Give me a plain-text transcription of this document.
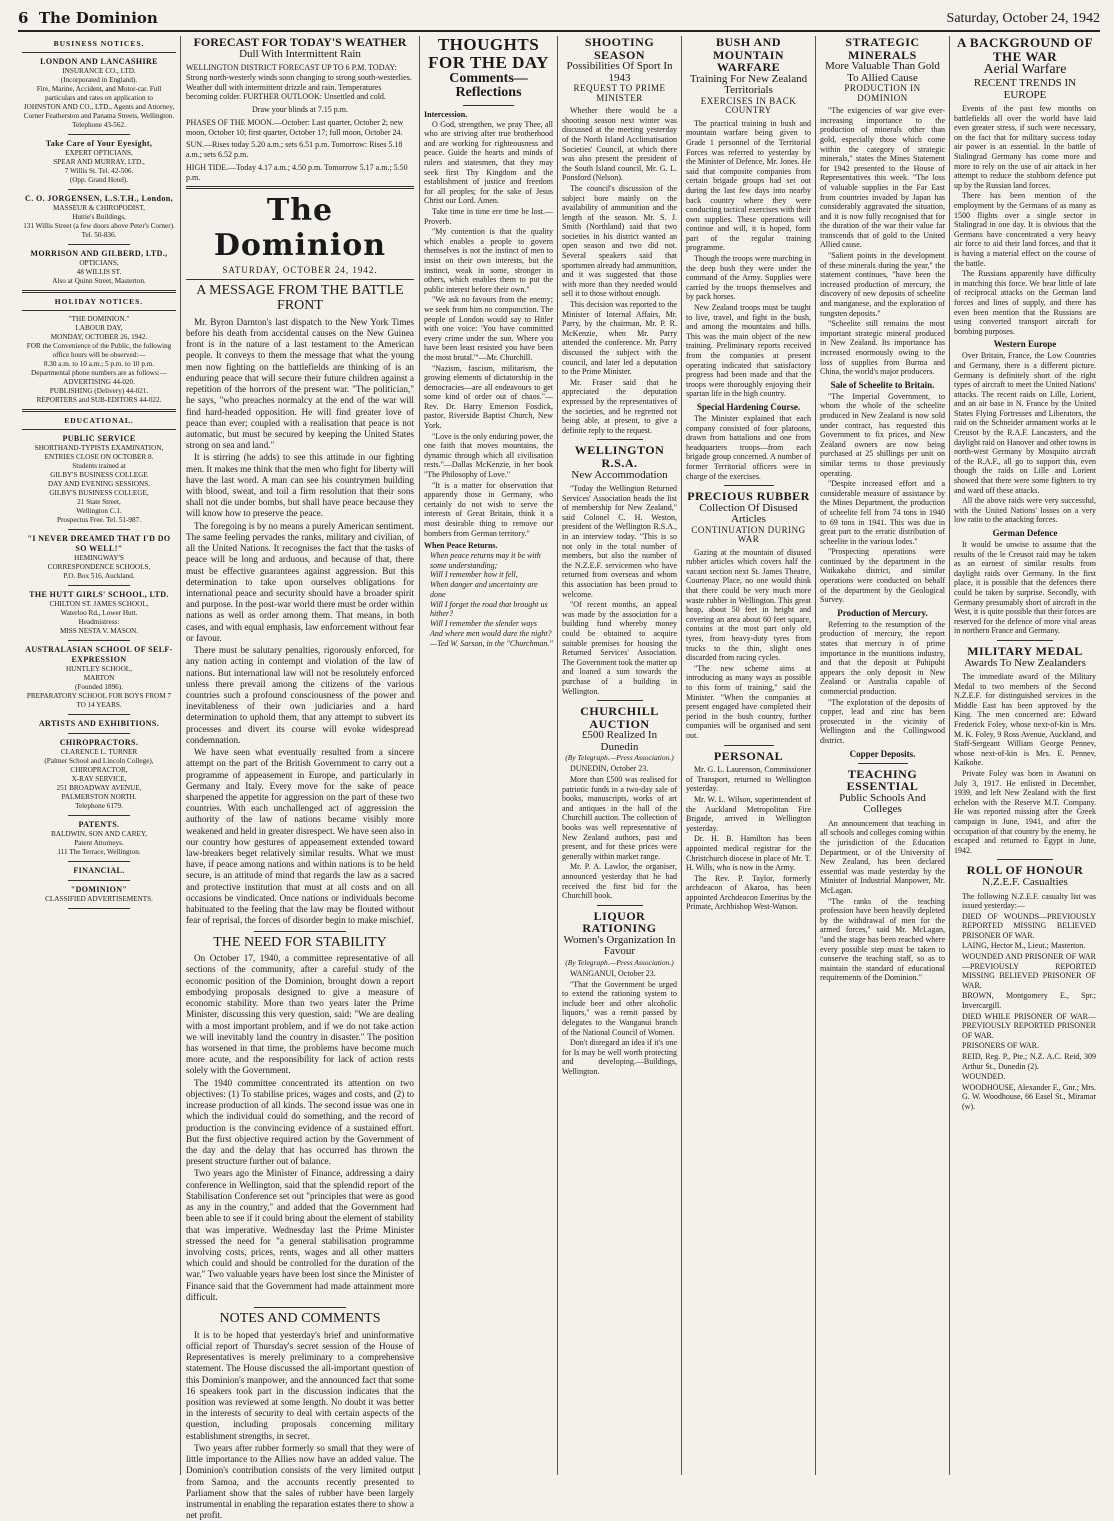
6 The Dominion	Saturday, October 24, 1942
BUSINESS NOTICES.
LONDON AND LANCASHIRE
INSURANCE CO., LTD.
(Incorporated in England).
Fire, Marine, Accident, and Motor-car. Full particulars and rates on application to
JOHNSTON AND CO., LTD., Agents and Attorney,
Corner Featherston and Panama Streets, Wellington. Telephone 43-562.
Take Care of Your Eyesight,
EXPERT OPTICIANS,
SPEAR AND MURRAY, LTD.,
7 Willis St. Tel. 42-506.
(Opp. Grand Hotel).
C. O. JORGENSEN, L.S.T.H., London,
MASSEUR & CHIROPODIST,
Huttie's Buildings,
131 Willis Street (a few doors above Peter's Corner). Tel. 50-836.
MORRISON AND GILBERD, LTD.,
OPTICIANS,
48 WILLIS ST.
Also at Quinn Street, Masterton.
HOLIDAY NOTICES.
"THE DOMINION."
LABOUR DAY,
MONDAY, OCTOBER 26, 1942.
FOR the Convenience of the Public, the following office hours will be observed:—
8.30 a.m. to 10 a.m.; 5 p.m. to 10 p.m.
Departmental phone numbers are as follows:—
ADVERTISING 44-020.
PUBLISHING (Delivery) 44-021.
REPORTERS and SUB-EDITORS 44-022.
EDUCATIONAL.
PUBLIC SERVICE
SHORTHAND-TYPISTS EXAMINATION,
ENTRIES CLOSE ON OCTOBER 8.
Students trained at
GILBY'S BUSINESS COLLEGE
DAY AND EVENING SESSIONS.
GILBY'S BUSINESS COLLEGE,
21 State Street,
Wellington C.1.
Prospectus Free. Tel. 51-987.
"I NEVER DREAMED THAT I'D DO SO WELL!"
HEMINGWAY'S
CORRESPONDENCE SCHOOLS,
P.O. Box 516, Auckland.
THE HUTT GIRLS' SCHOOL, LTD.
CHILTON ST. JAMES SCHOOL,
Waterloo Rd., Lower Hutt.
Headmistress:
MISS NESTA V. MASON.
AUSTRALASIAN SCHOOL OF SELF-EXPRESSION
HUNTLEY SCHOOL,
MARTON
(Founded 1896).
PREPARATORY SCHOOL FOR BOYS FROM 7 TO 14 YEARS.
ARTISTS AND EXHIBITIONS.
CHIROPRACTORS.
CLARENCE L. TURNER
(Palmer School and Lincoln College),
CHIROPRACTOR,
X-RAY SERVICE,
251 BROADWAY AVENUE,
PALMERSTON NORTH.
Telephone 6179.
PATENTS.
BALDWIN, SON AND CAREY,
Patent Attorneys.
111 The Terrace, Wellington.
FINANCIAL.
"DOMINION"
CLASSIFIED ADVERTISEMENTS.
FORECAST FOR TODAY'S WEATHER
Dull With Intermittent Rain

WELLINGTON DISTRICT FORECAST UP TO 6 P.M. TODAY: Strong north-westerly winds soon changing to strong south-westerlies. Weather dull with intermittent drizzle and rain. Temperatures becoming colder. FURTHER OUTLOOK: Unsettled and cold.

Draw your blinds at 7.15 p.m.

PHASES OF THE MOON.—October: Last quarter, October 2; new moon, October 10; first quarter, October 17; full moon, October 24.

SUN.—Rises today 5.20 a.m.; sets 6.51 p.m. Tomorrow: Rises 5.18 a.m.; sets 6.52 p.m.

HIGH TIDE.—Today 4.17 a.m.; 4.50 p.m. Tomorrow 5.17 a.m.; 5.50 p.m.

The Dominion
SATURDAY, OCTOBER 24, 1942.
A MESSAGE FROM THE BATTLE FRONT

Mr. Byron Darnton's last dispatch to the New York Times before his death from accidental causes on the New Guinea front is in the nature of a last testament to the American people. It conveys to them the message that what the young men now fighting on the battlefields are thinking of is an enduring peace that will secure their future children against a repetition of the horrors of the present war. "The politician," he says, "who preaches normalcy at the end of the war will find hard-headed opposition. He will find greater love of peace than ever; coupled with a realisation that peace is not automatic, but must be secured by keeping the United States strong on sea and land."

It is stirring (he adds) to see this attitude in our fighting men. It makes me think that the men who fight for liberty will have the last word. A man can see his countrymen building with blood, sweat, and toil a firm resolution that their sons shall not die under bombs, but shall have peace because they will know how to preserve the peace.

The foregoing is by no means a purely American sentiment. The same feeling pervades the ranks, military and civilian, of all the United Nations. It recognises the fact that the tasks of peace will be long and arduous, and because of that, there must be effective guarantees against aggression. But this determination to take upon ourselves obligations for international peace and security should have a broader spirit and purpose. In the post-war world there must be order within nations as well as order among them. That means, in both cases, and with equal emphasis, law enforcement without fear or favour.

There must be salutary penalties, rigorously enforced, for any nation acting in contempt and violation of the law of nations. But international law will not be resolutely enforced unless there prevail among the citizens of the various countries such a profound consciousness of the power and inevitableness of their own judiciaries and a hard determination to uphold them, that any attempt to subvert its processes and divert its course will evoke widespread condemnation.

We have seen what eventually resulted from a sincere attempt on the part of the British Government to carry out a programme of appeasement in Europe, and particularly in Germany and Italy. Every move for the sake of peace sharpened the appetite for aggression on the part of these two countries. With each unchallenged act of aggression the authority of the law of nations became visibly more weakened and held in greater disrespect. We have seen also in our country how gestures of appeasement extended toward law-breakers beget relatively similar results. What we must have, if peace among nations and within nations is to be held secure, is an attitude of mind that regards the law as a sacred and protective institution that must at all costs and on all occasions be vindicated. Once nations or individuals become habituated to the feeling that the law may be flouted without fear of reprisal, the forces of disorder begin to make mischief.

THE NEED FOR STABILITY

On October 17, 1940, a committee representative of all sections of the community, after a careful study of the economic position of the Dominion, brought down a report embodying proposals designed to give a measure of economic stability. More than two years later the Prime Minister, discussing this very question, said: "We are dealing with a most important problem, and if we do not take action we will inevitably land the country in disaster." The position has worsened in that time, the problems have become much more acute, and the responsibility for lack of action rests solely with the Government.

The 1940 committee concentrated its attention on two objectives: (1) To stabilise prices, wages and costs, and (2) to increase production of all kinds. The second issue was one in which the individual could do something, and the record of production is the convincing evidence of a sustained effort. But the first objective required action by the Government of the day and the delay that has occurred has thrown the present structure further out of balance.

Two years ago the Minister of Finance, addressing a dairy conference in Wellington, said that the splendid report of the Stabilisation Conference set out "principles that were as good as any in the country," and added that the Government had been able to see if it could bring about the element of stability that was imperative. Wednesday last the Prime Minister stressed the need for "a general stabilisation programme involving costs, prices, rents, wages and all other matters which could and should be controlled for the duration of the war." Two valuable years have been lost since the Minister of Finance said that the Government had made attainment more difficult.

NOTES AND COMMENTS

It is to be hoped that yesterday's brief and uninformative official report of Thursday's secret session of the House of Representatives is merely preliminary to a comprehensive statement. The House discussed the all-important question of this Dominion's manpower, and the announced fact that some 16 speakers took part in the discussion indicates that the position was reviewed at some length. No doubt it was better in the interests of security to deal with certain aspects of the question, including proposals concerning military establishment strengths, in secret.

Two years after rubber formerly so small that they were of little importance to the Allies now have an added value. The Dominion's contribution consists of the very limited output from Samoa, and the accounts recently presented to Parliament show that the sales of rubber have been largely instrumental in enabling the reparation estates there to show a net profit.

THOUGHTS FOR THE DAY
Comments—Reflections
Intercession.

O God, strengthen, we pray Thee, all who are striving after true brotherhood and are working for righteousness and peace. Guide the hearts and minds of rulers and statesmen, that they may seek first Thy Kingdom and the establishment of justice and freedom for all peoples; for the sake of Jesus Christ our Lord. Amen.

Take time in time ere time be lost.—Proverb.

"My contention is that the quality which enables a people to govern themselves is not the instinct of men to insist on their own interests, but the instinct, weak in some, stronger in others, which enables them to put the public interest before their own."

"We ask no favours from the enemy; we seek from him no compunction. The people of London would say to Hitler with one voice: 'You have committed every crime under the sun. Where you have been least resisted you have been the most brutal.'"—Mr. Churchill.

"Nazism, fascism, militarism, the growing elements of dictatorship in the democracies—are all endeavours to get some kind of order out of chaos."—Rev. Dr. Harry Emerson Fosdick, pastor, Riverside Baptist Church, New York.

"Love is the only enduring power, the one faith that moves mountains, the dynamic through which all civilisation rests."—Dallas McKenzie, in her book "The Philosophy of Love."

"It is a matter for observation that apparently those in Germany, who certainly do not wish to serve the interests of Great Britain, think it a most desirable thing to remove our bombers from German territory."

When Peace Returns.
When peace returns may it be with some understanding;
Will I remember how it fell,
When danger and uncertainty are done
Will I forget the road that brought us hither?
Will I remember the slender ways
And where men would dare the night?
—Ted W. Sarson, in the "Churchman."
SHOOTING SEASON
Possibilities Of Sport In 1943
REQUEST TO PRIME MINISTER

Whether there would be a shooting season next winter was discussed at the meeting yesterday of the North Island Acclimatisation Societies' Council, at which there was also present the president of the South Island council, Mr. G. L. Ponsford (Nelson).

The council's discussion of the subject bore mainly on the availability of ammunition and the length of the season. Mr. S. J. Smith (Northland) said that two societies in his district wanted an open season and two did not. Several speakers said that sportsmen already had ammunition, and it was suggested that those with more than they needed would sell it to those without enough.

This decision was reported to the Minister of Internal Affairs, Mr. Parry, by the chairman, Mr. P. R. McKenzie, when Mr. Parry attended the conference. Mr. Parry discussed the subject with the council, and later led a deputation to the Prime Minister.

Mr. Fraser said that he appreciated the deputation expressed by the representatives of the societies, and he regretted not being able, at present, to give a definite reply to the request.

WELLINGTON R.S.A.
New Accommodation

"Today the Wellington Returned Services' Association heads the list of membership for New Zealand," said Colonel C. H. Weston, president of the Wellington R.S.A., in an interview today. "This is so not only in the total number of members, but also the number of the N.Z.E.F. servicemen who have returned from overseas and whom this association has been proud to welcome.

"Of recent months, an appeal was made by the association for a building fund whereby money could be obtained to acquire suitable premises for housing the Returned Services' Association. The Government took the matter up and loaned a sum towards the purchase of a building in Wellington.

CHURCHILL AUCTION
£500 Realized In Dunedin
(By Telegraph.—Press Association.)

DUNEDIN, October 23.

More than £500 was realised for patriotic funds in a two-day sale of books, manuscripts, works of art and antiques in the hall of the Churchill auction. The collection of books was well representative of New Zealand authors, past and present, and for these prices were generally within market range.

Mr. P. A. Lawlor, the organiser, announced yesterday that he had received the first bid for the Churchill book.

LIQUOR RATIONING
Women's Organization In Favour
(By Telegraph.—Press Association.)

WANGANUI, October 23.

"That the Government be urged to extend the rationing system to include beer and other alcoholic liquors," was a remit passed by delegates to the Wanganui branch of the National Council of Women.

Don't disregard an idea if it's one for Is may be well worth protecting and developing.—Buildings, Wellington.

BUSH AND MOUNTAIN WARFARE
Training For New Zealand Territorials
EXERCISES IN BACK COUNTRY

The practical training in bush and mountain warfare being given to Grade 1 personnel of the Territorial Forces was referred to yesterday by the Minister of Defence, Mr. Jones. He said that composite companies from certain brigade groups had set out during the last few days into nearby back country where they were conducting tactical exercises with their own supplies. These operations will continue and will, it is hoped, form part of the regular training programme.

Though the troops were marching in the deep bush they were under the command of the Army. Supplies were carried by the troops themselves and by pack horses.

New Zealand troops must be taught to live, travel, and fight in the bush, and among the mountains and hills. This was the main object of the new training. Preliminary reports received from the companies at present operating indicated that satisfactory progress had been made and that the troops were thoroughly enjoying their spartan life in the high country.

Special Hardening Course.

The Minister explained that each company consisted of four platoons, drawn from battalions and one from headquarters troops—from each brigade group concerned. A number of former Territorial officers were in charge of the exercises.

PRECIOUS RUBBER
Collection Of Disused Articles
CONTINUATION DURING WAR

Gazing at the mountain of disused rubber articles which covers half the vacant section next St. James Theatre, Courtenay Place, no one would think that there could be very much more waste rubber in Wellington. This great heap, about 50 feet in height and covering an area about 60 feet square, contains at the most part only old tyres, from heavy-duty tyres from trucks to the thin, slight ones discarded from racing cycles.

"The new scheme aims at introducing as many ways as possible to this form of training," said the Minister. "When the companies at present engaged have completed their period in the bush country, further companies will be organised and sent out.

PERSONAL

Mr. G. L. Laurenson, Commissioner of Transport, returned to Wellington yesterday.

Mr. W. L. Wilson, superintendent of the Auckland Metropolitan Fire Brigade, arrived in Wellington yesterday.

Dr. H. B. Hamilton has been appointed medical registrar for the Christchurch diocese in place of Mr. T. H. Wills, who is now in the Army.

The Rev. P. Taylor, formerly archdeacon of Akaroa, has been appointed Archdeacon Emeritus by the Primate, Archbishop West-Watson.

STRATEGIC MINERALS
More Valuable Than Gold To Allied Cause
PRODUCTION IN DOMINION

"The exigencies of war give ever-increasing importance to the production of minerals other than gold, especially those which come within the category of strategic minerals," states the Mines Statement for 1942 presented to the House of Representatives this week. "The loss of valuable supplies in the Far East from countries invaded by Japan has considerably aggravated the situation, and it is now fully recognised that for the duration of the war their value far transcends that of gold to the United Allied cause.

"Salient points in the development of these minerals during the year," the statement continues, "have been the increased production of mercury, the discovery of new deposits of scheelite and manganese, and the exploration of tungsten deposits."

"Scheelite still remains the most important strategic mineral produced in New Zealand. Its importance has increased enormously owing to the loss of supplies from Burma and China, the world's major producers.

Sale of Scheelite to Britain.

"The Imperial Government, to whom the whole of the scheelite produced in New Zealand is now sold under contract, has requested this Government to fix prices, and New Zealand owners are now being purchased at 25 shillings per unit on similar terms to those previously operating.

"Despite increased effort and a considerable measure of assistance by the Mines Department, the production of scheelite fell from 74 tons in 1940 to 69 tons in 1941. This was due in great part to the erratic distribution of scheelite in the various lodes."

"Prospecting operations were continued by the department in the Waikakaho district, and similar operations were conducted on behalf of the department by the Geological Survey.

Production of Mercury.

Referring to the resumption of the production of mercury, the report states that mercury is of prime importance in the munitions industry, and that the deposit at Puhipuhi appears the only deposit in New Zealand or Australia capable of commercial production.

"The exploration of the deposits of copper, lead and zinc has been prosecuted in the vicinity of Wellington and the Collingwood district.

Copper Deposits.
TEACHING ESSENTIAL
Public Schools And Colleges

An announcement that teaching in all schools and colleges coming within the jurisdiction of the Education Department, or of the University of New Zealand, has been declared essential was made yesterday by the Minister of Industrial Manpower, Mr. McLagan.

"The ranks of the teaching profession have been heavily depleted by the withdrawal of men for the armed forces," said Mr. McLagan, "and the stage has been reached where every possible step must be taken to conserve the teaching staff, so as to maintain the standard of educational requirements of the Dominion."

A BACKGROUND OF THE WAR
Aerial Warfare
RECENT TRENDS IN EUROPE

Events of the past few months on battlefields all over the world have laid even greater stress, if such were necessary, on the fact that for military success today air power is an essential. In the battle of Stalingrad Germany has come more and more to rely on the use of air attack in her attempt to reduce the stubborn defence put up by the Russian land forces.

There has been mention of the employment by the Germans of as many as 1500 flights over a single sector in Stalingrad in one day. It is obvious that the Germans have concentrated a very heavy air force to aid their land forces, and that it is having a material effect on the course of the battle.

The Russians apparently have difficulty in matching this force. We hear little of late of reciprocal attacks on the German land forces and lines of supply, and there has even been mention that the Russians are using converted transport aircraft for bombing purposes.

Western Europe

Over Britain, France, the Low Countries and Germany, there is a different picture. Germany is definitely short of the right types of aircraft to meet the United Nations' attacks. The recent raids on Lille, Lorient, and an air base in N. France by the United States Flying Fortresses and Liberators, the raid on the Schneider armament works at le Creusot by the R.A.F. Lancasters, and the daylight raid on Hanover and other towns in north-west Germany by Mosquito aircraft of the R.A.F., all go to support this, even though the raids on Lille and Lorient showed that there were some fighters to try and ward off these attacks.

All the above raids were very successful, with the United Nations' losses on a very low ratio to the attacking forces.

German Defence

It would be unwise to assume that the results of the le Creusot raid may be taken as an earnest of similar results from daylight raids over Germany. In the first place, it is possible that the defences there could be taken by surprise. Secondly, with Germany presumably short of aircraft in the West, it is quite possible that their forces are reserved for the defence of more vital areas in northern France and Germany.

MILITARY MEDAL
Awards To New Zealanders

The immediate award of the Military Medal to two members of the Second N.Z.E.F. for distinguished services in the Middle East has been approved by the King. The men concerned are: Edward Frederick Foley, whose next-of-kin is Mrs. M. K. Foley, 9 Ross Avenue, Auckland, and Staff-Sergeant William George Pennev, whose next-of-kin is Mrs. E. Pennev, Kaikohe.

Private Foley was born in Awatuni on July 3, 1917. He enlisted in December, 1939, and left New Zealand with the first echelon with the Reserve M.T. Company. He was reported missing after the Greek campaign in June, 1941, and after the occupation of that country by the enemy, he escaped and returned to Egypt in June, 1942.

ROLL OF HONOUR
N.Z.E.F. Casualties

The following N.Z.E.F. casualty list was issued yesterday:—

DIED OF WOUNDS—PREVIOUSLY REPORTED MISSING BELIEVED PRISONER OF WAR.

LAING, Hector M., Lieut.; Masterton.

WOUNDED AND PRISONER OF WAR—PREVIOUSLY REPORTED MISSING BELIEVED PRISONER OF WAR.

BROWN, Montgomery E., Spr.; Invercargill.

DIED WHILE PRISONER OF WAR—PREVIOUSLY REPORTED PRISONER OF WAR.

PRISONERS OF WAR.

REID, Reg. P., Pte.; N.Z. A.C. Reid, 309 Arthur St., Dunedin (2).

WOUNDED.

WOODHOUSE, Alexander F., Gnr.; Mrs. G. W. Woodhouse, 66 Easel St., Miramar (w).
